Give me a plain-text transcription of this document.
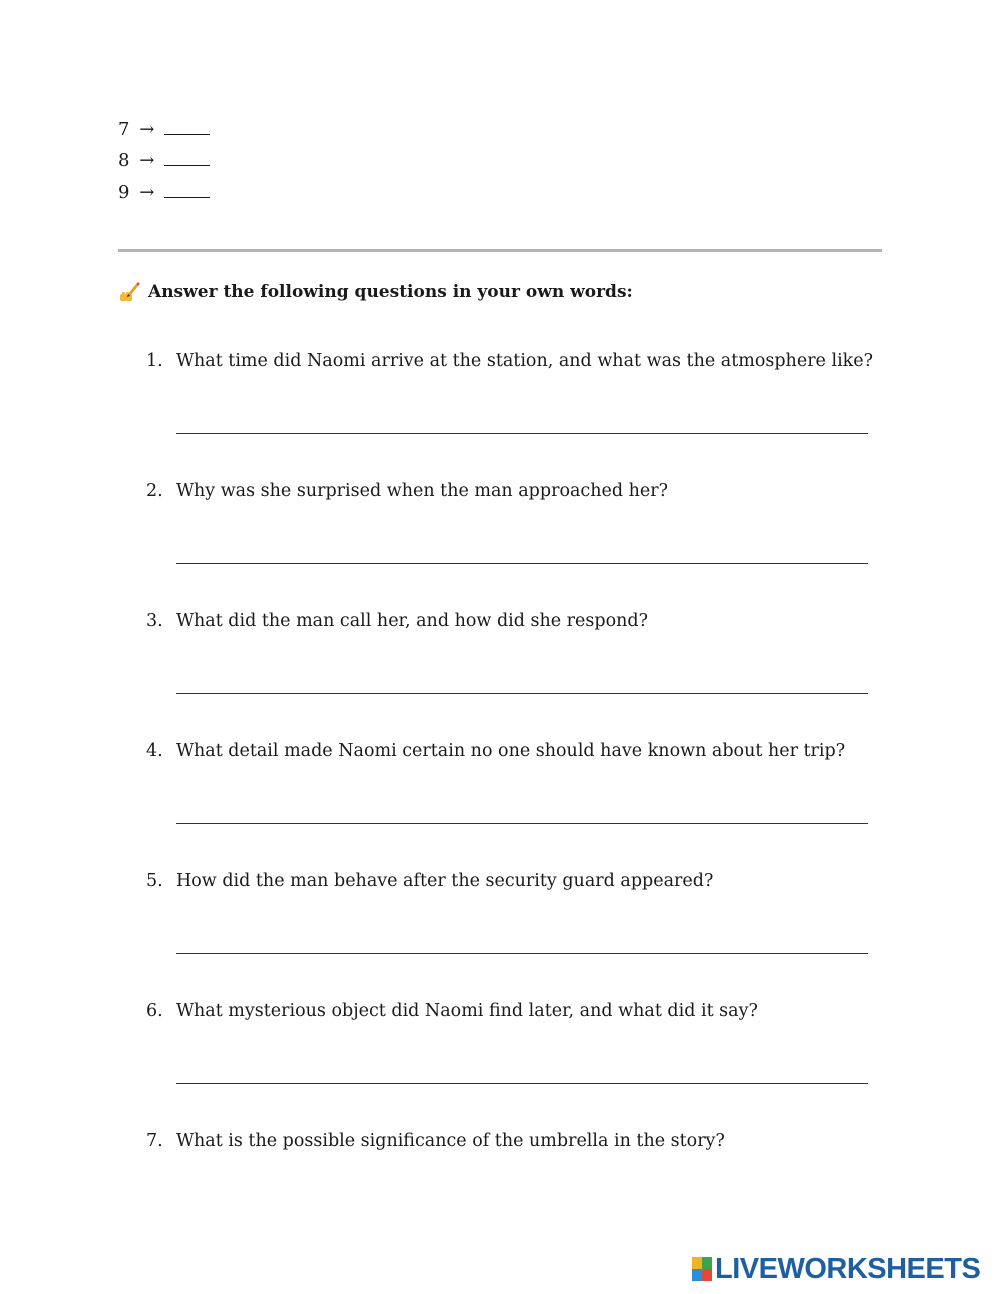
7 →
8 →
9 →
Answer the following questions in your own words:
1. What time did Naomi arrive at the station, and what was the atmosphere like?
2. Why was she surprised when the man approached her?
3. What did the man call her, and how did she respond?
4. What detail made Naomi certain no one should have known about her trip?
5. How did the man behave after the security guard appeared?
6. What mysterious object did Naomi find later, and what did it say?
7. What is the possible significance of the umbrella in the story?
LIVEWORKSHEETS
